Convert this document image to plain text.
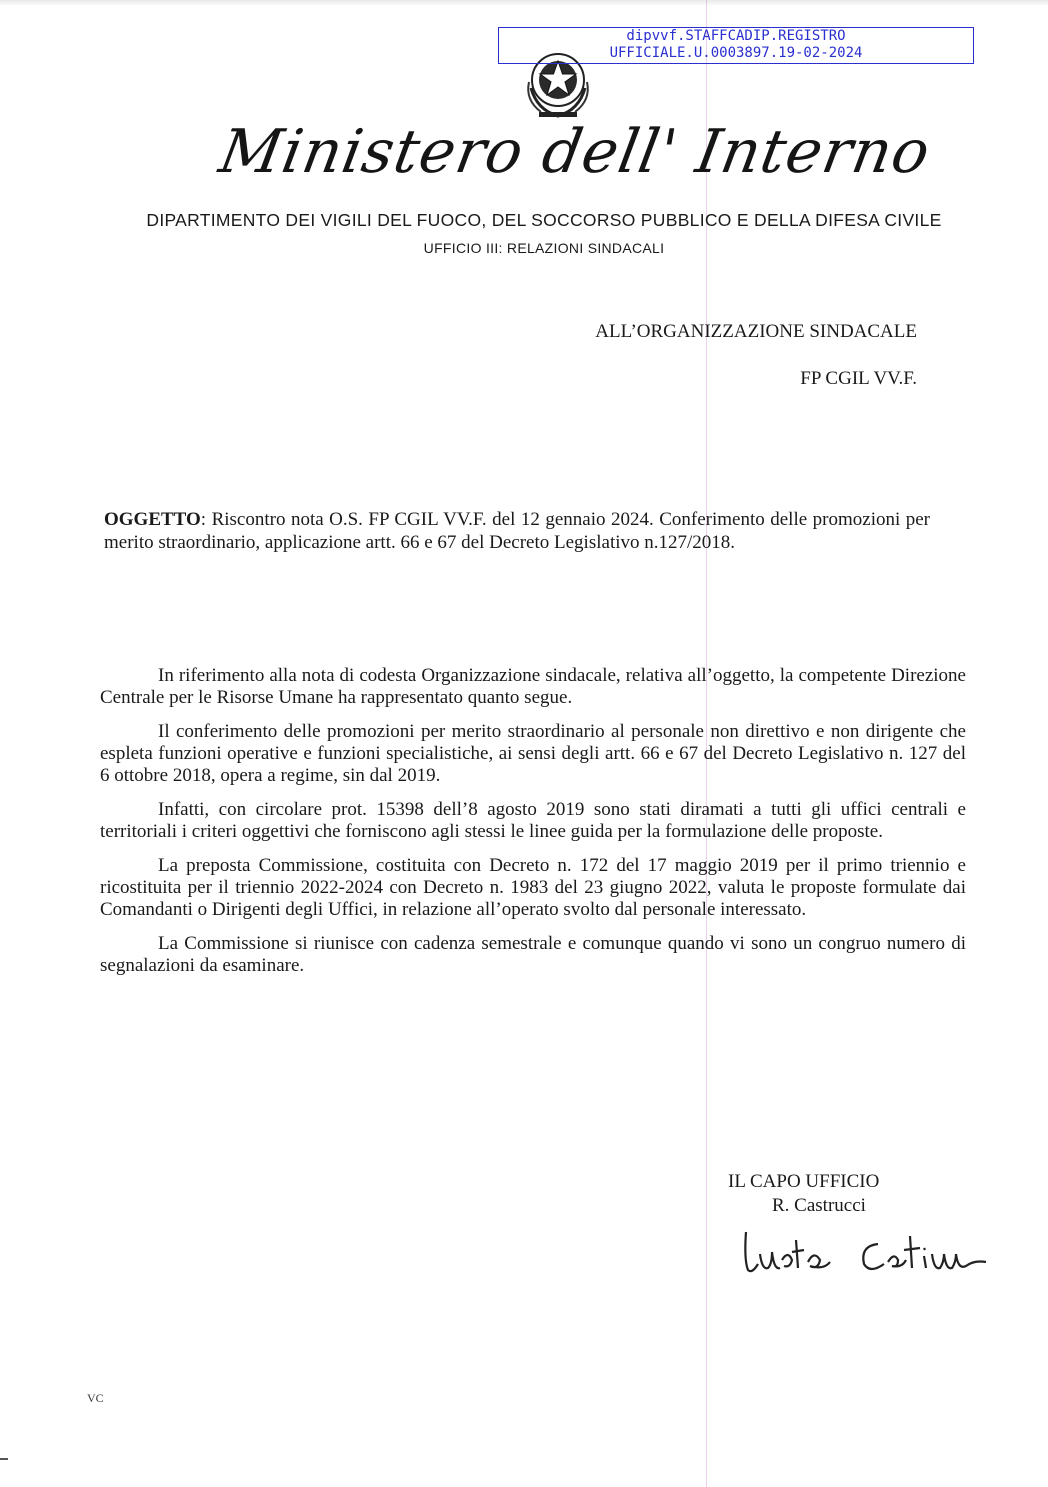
dipvvf.STAFFCADIP.REGISTRO
UFFICIALE.U.0003897.19-02-2024
Ministero dell' Interno
DIPARTIMENTO DEI VIGILI DEL FUOCO, DEL SOCCORSO PUBBLICO E DELLA DIFESA CIVILE
UFFICIO III: RELAZIONI SINDACALI
ALL’ORGANIZZAZIONE SINDACALE
FP CGIL VV.F.
OGGETTO: Riscontro nota O.S. FP CGIL VV.F. del 12 gennaio 2024. Conferimento delle promozioni per merito straordinario, applicazione artt. 66 e 67 del Decreto Legislativo n.127/2018.

In riferimento alla nota di codesta Organizzazione sindacale, relativa all’oggetto, la competente Direzione Centrale per le Risorse Umane ha rappresentato quanto segue.

Il conferimento delle promozioni per merito straordinario al personale non direttivo e non dirigente che espleta funzioni operative e funzioni specialistiche, ai sensi degli artt. 66 e 67 del Decreto Legislativo n. 127 del 6 ottobre 2018, opera a regime, sin dal 2019.

Infatti, con circolare prot. 15398 dell’8 agosto 2019 sono stati diramati a tutti gli uffici centrali e territoriali i criteri oggettivi che forniscono agli stessi le linee guida per la formulazione delle proposte.

La preposta Commissione, costituita con Decreto n. 172 del 17 maggio 2019 per il primo triennio e ricostituita per il triennio 2022-2024 con Decreto n. 1983 del 23 giugno 2022, valuta le proposte formulate dai Comandanti o Dirigenti degli Uffici, in relazione all’operato svolto dal personale interessato.

La Commissione si riunisce con cadenza semestrale e comunque quando vi sono un congruo numero di segnalazioni da esaminare.

IL CAPO UFFICIO
R. Castrucci
VC
